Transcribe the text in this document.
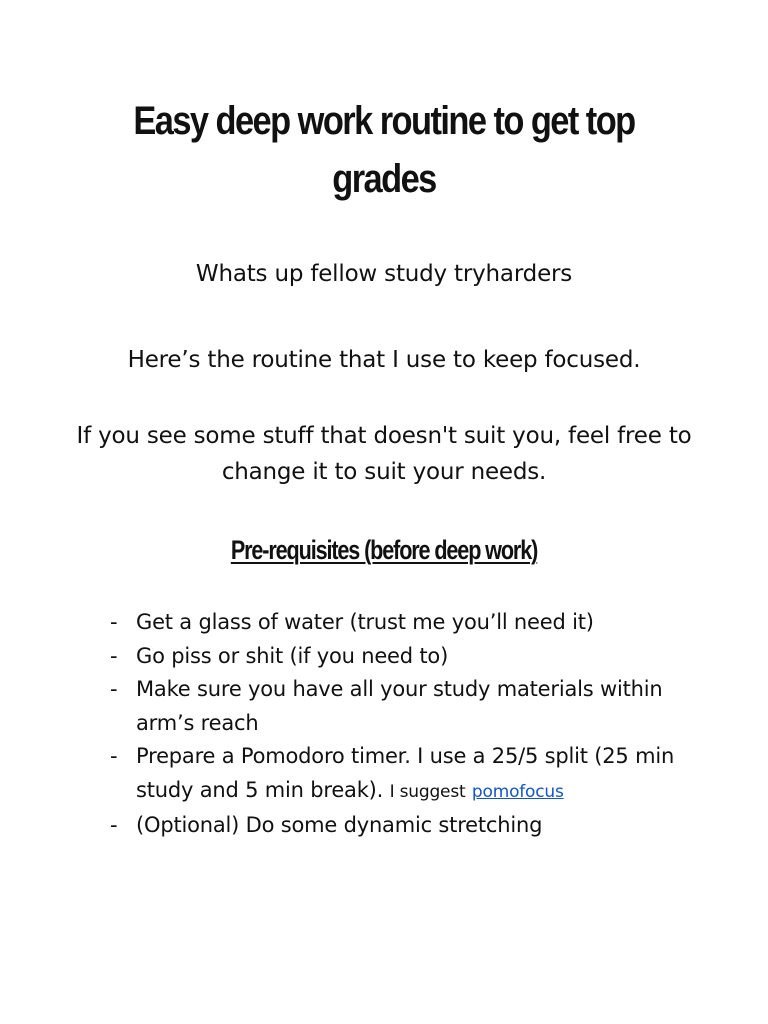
Easy deep work routine to get top grades

Whats up fellow study tryharders

Here’s the routine that I use to keep focused.

If you see some stuff that doesn't suit you, feel free to change it to suit your needs.

Pre-requisites (before deep work)
- Get a glass of water (trust me you’ll need it)
- Go piss or shit (if you need to)
- Make sure you have all your study materials within arm’s reach
- Prepare a Pomodoro timer. I use a 25/5 split (25 min study and 5 min break). I suggest pomofocus
- (Optional) Do some dynamic stretching
